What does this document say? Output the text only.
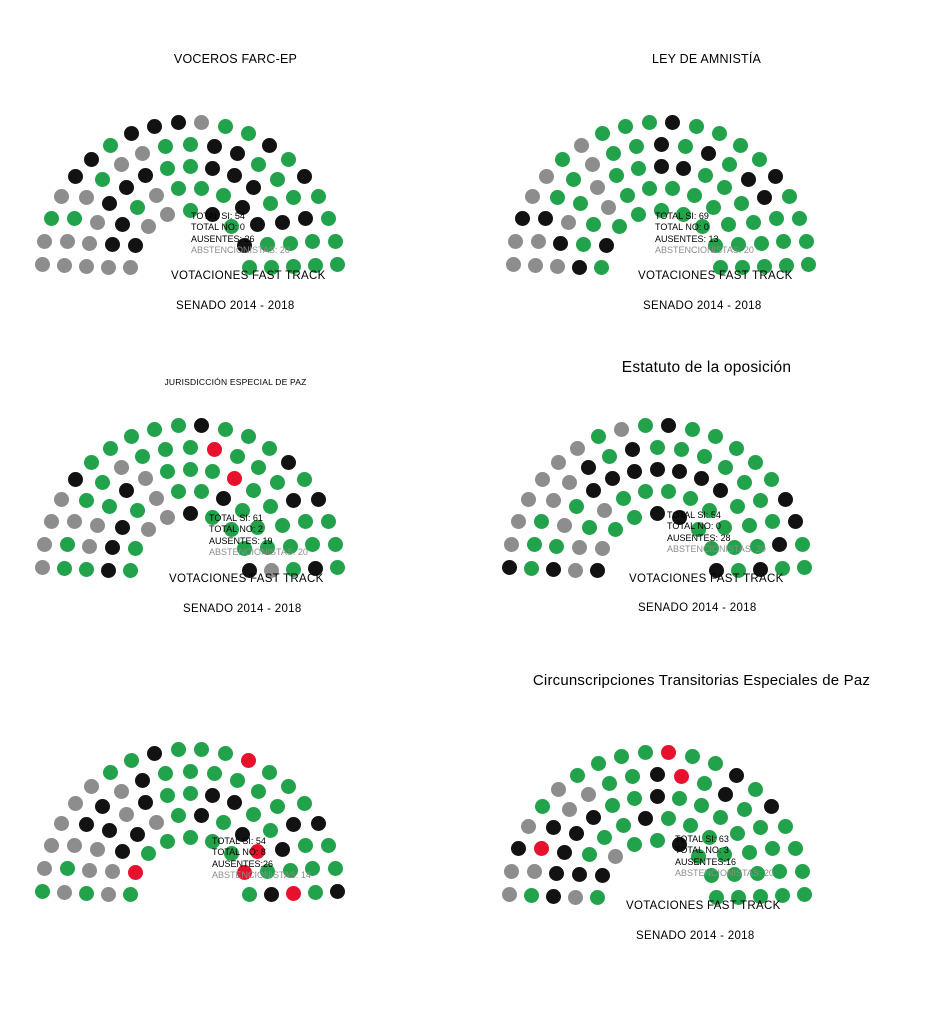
VOCEROS FARC-EP
TOTAL SI: 54
TOTAL NO: 0
AUSENTES: 26
ABSTENCIONISTAS: 20
VOTACIONES FAST TRACK
SENADO 2014 - 2018
LEY DE AMNISTÍA
TOTAL SI: 69
TOTAL NO: 0
AUSENTES: 13
ABSTENCIONISTAS: 20
VOTACIONES FAST TRACK
SENADO 2014 - 2018
JURISDICCIÓN ESPECIAL DE PAZ
TOTAL SI: 61
TOTAL NO: 2
AUSENTES: 19
ABSTENCIONISTAS: 20
VOTACIONES FAST TRACK
SENADO 2014 - 2018
Estatuto de la oposición
TOTAL SI: 54
TOTAL NO: 0
AUSENTES: 28
ABSTENCIONISTAS: 20
VOTACIONES FAST TRACK
SENADO 2014 - 2018
TOTAL SI: 54
TOTAL NO: 8
AUSENTES:26
ABSTENCIONISTAS: 14
Circunscripciones Transitorias Especiales de Paz
TOTAL SI: 63
TOTAL NO: 3
AUSENTES:16
ABSTENCIONISTAS: 20
VOTACIONES FAST TRACK
SENADO 2014 - 2018
